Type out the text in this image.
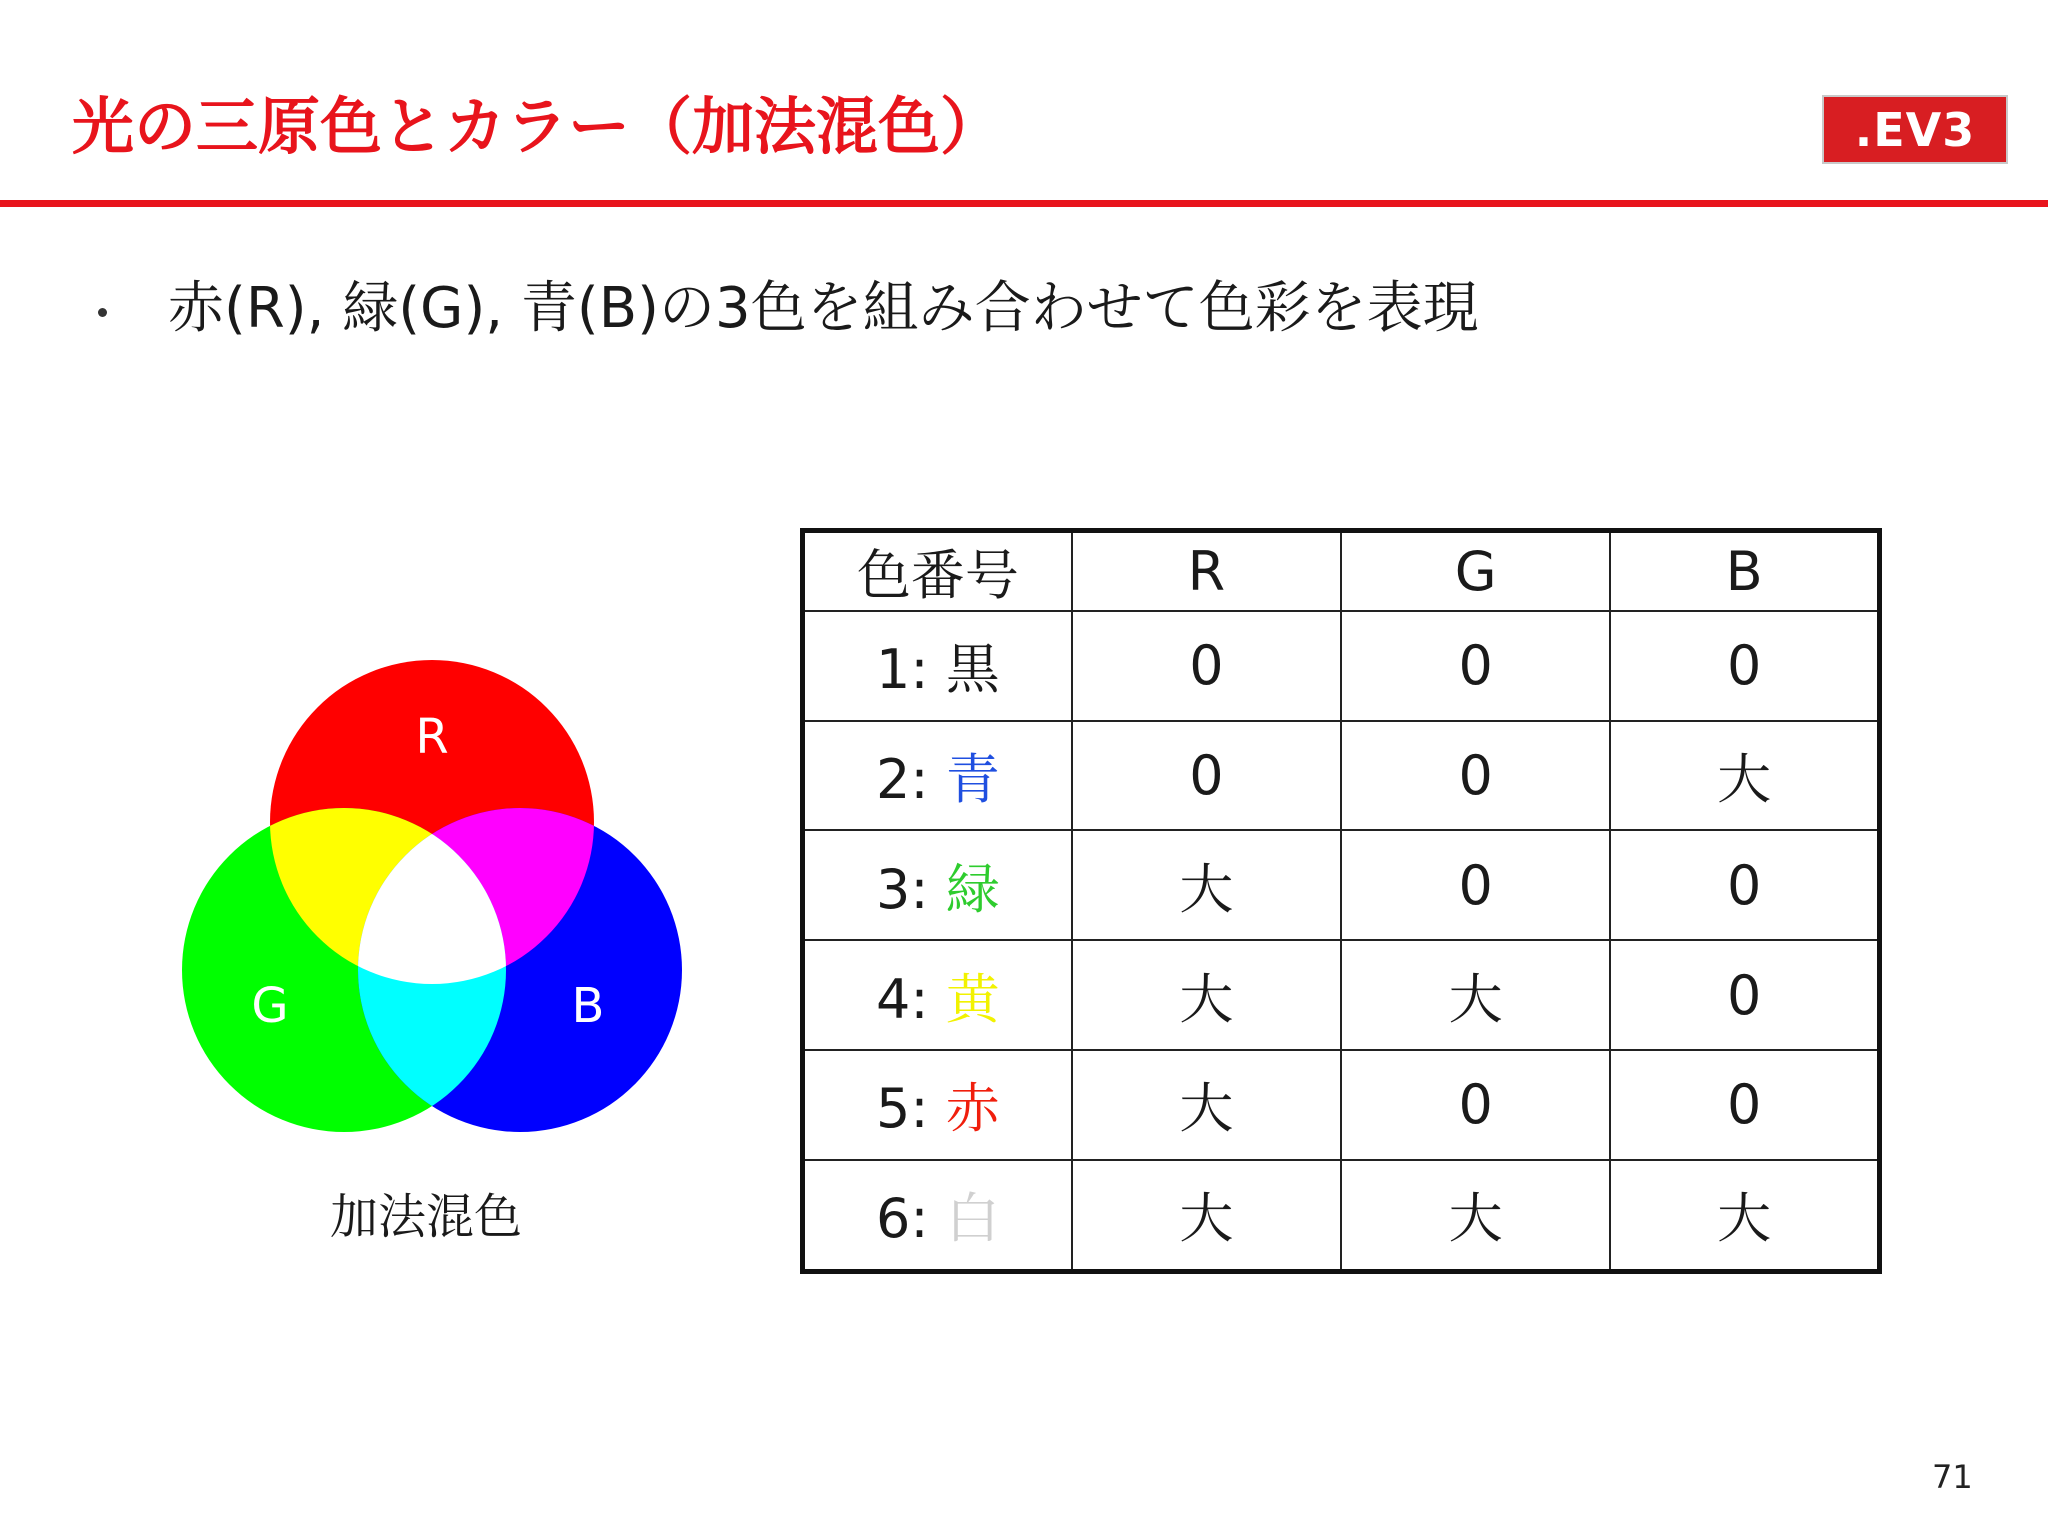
光の三原色とカラー（加法混色）	.EV3
赤(R), 緑(G), 青(B)の3色を組み合わせて色彩を表現
R
G	B
加法混色
色番号	R	G	B
1: 黒	0	0	0
2: 青	0	0	大
3: 緑	大	0	0
4: 黄	大	大	0
5: 赤	大	0	0
6: 白	大	大	大
71
